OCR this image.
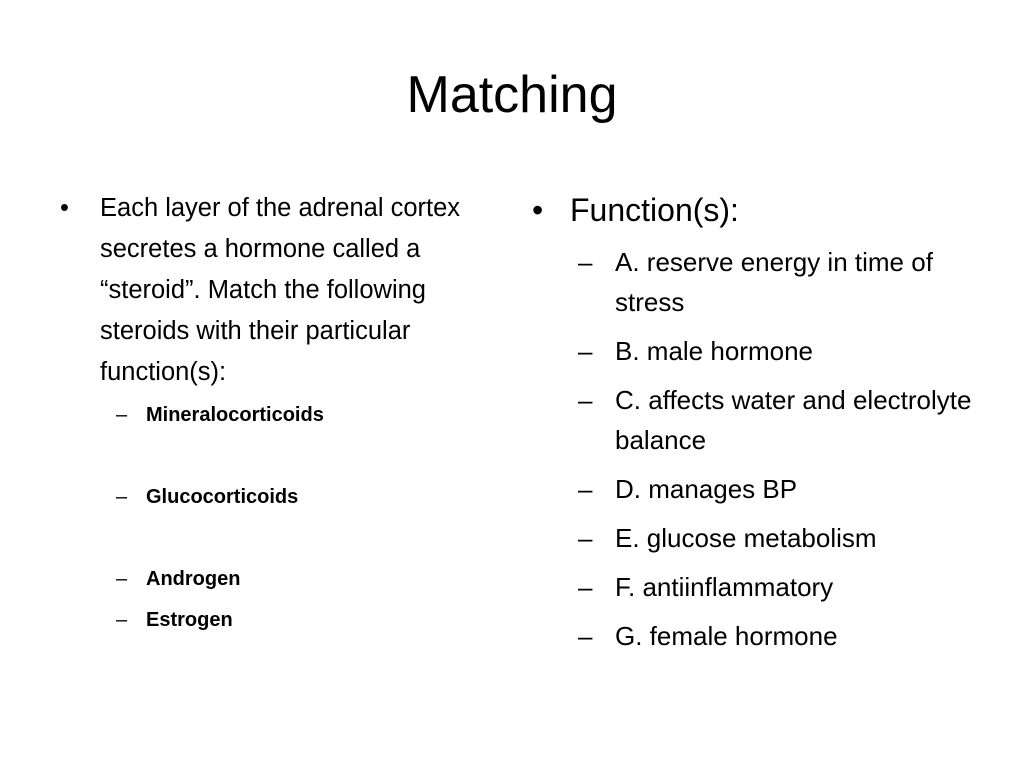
Matching
•	Each layer of the adrenal cortex secretes a hormone called a “steroid”. Match the following steroids with their particular function(s):
– Mineralocorticoids
– Glucocorticoids
– Androgen
– Estrogen
• Function(s):
– A. reserve energy in time of stress
– B. male hormone
– C. affects water and electrolyte balance
– D. manages BP
– E. glucose metabolism
– F. antiinflammatory
– G. female hormone
